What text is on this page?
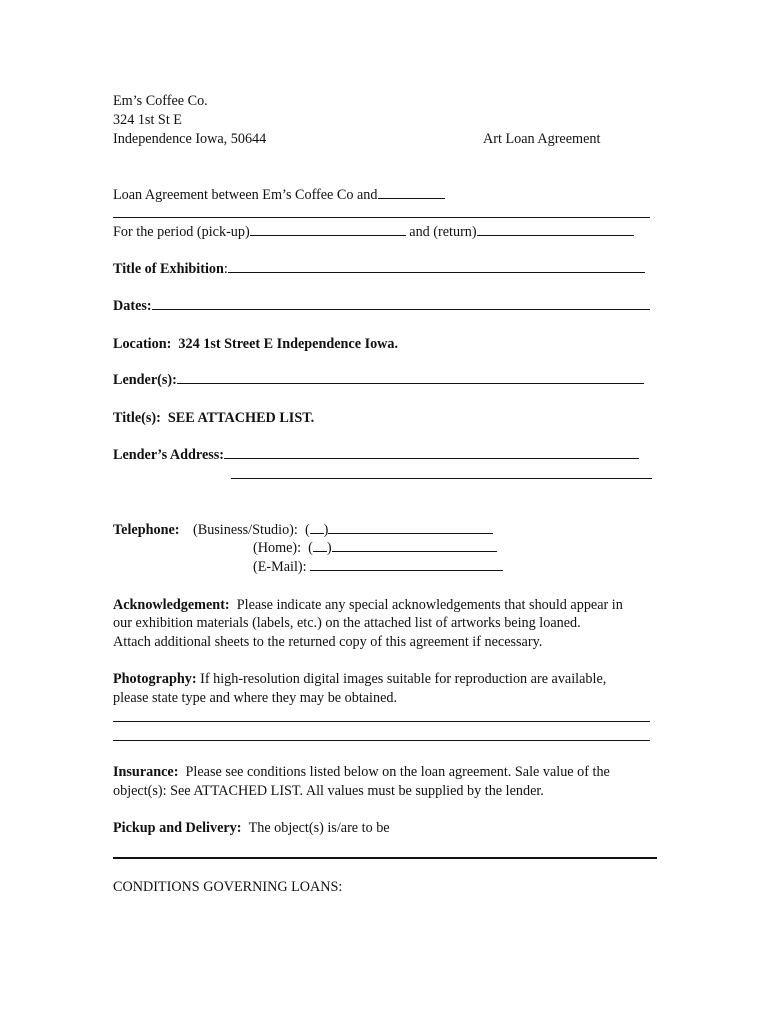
Em’s Coffee Co.
324 1st St E
Independence Iowa, 50644	Art Loan Agreement
Loan Agreement between Em’s Coffee Co and
For the period (pick-up)	and (return)
Title of Exhibition:
Dates:
Location: 324 1st Street E Independence Iowa.
Lender(s):
Title(s): SEE ATTACHED LIST.
Lender’s Address:
Telephone: (Business/Studio): ( )
(Home): ( )
(E-Mail):
Acknowledgement: Please indicate any special acknowledgements that should appear in
our exhibition materials (labels, etc.) on the attached list of artworks being loaned.
Attach additional sheets to the returned copy of this agreement if necessary.
Photography: If high-resolution digital images suitable for reproduction are available,
please state type and where they may be obtained.
Insurance: Please see conditions listed below on the loan agreement. Sale value of the
object(s): See ATTACHED LIST. All values must be supplied by the lender.
Pickup and Delivery: The object(s) is/are to be
CONDITIONS GOVERNING LOANS:
